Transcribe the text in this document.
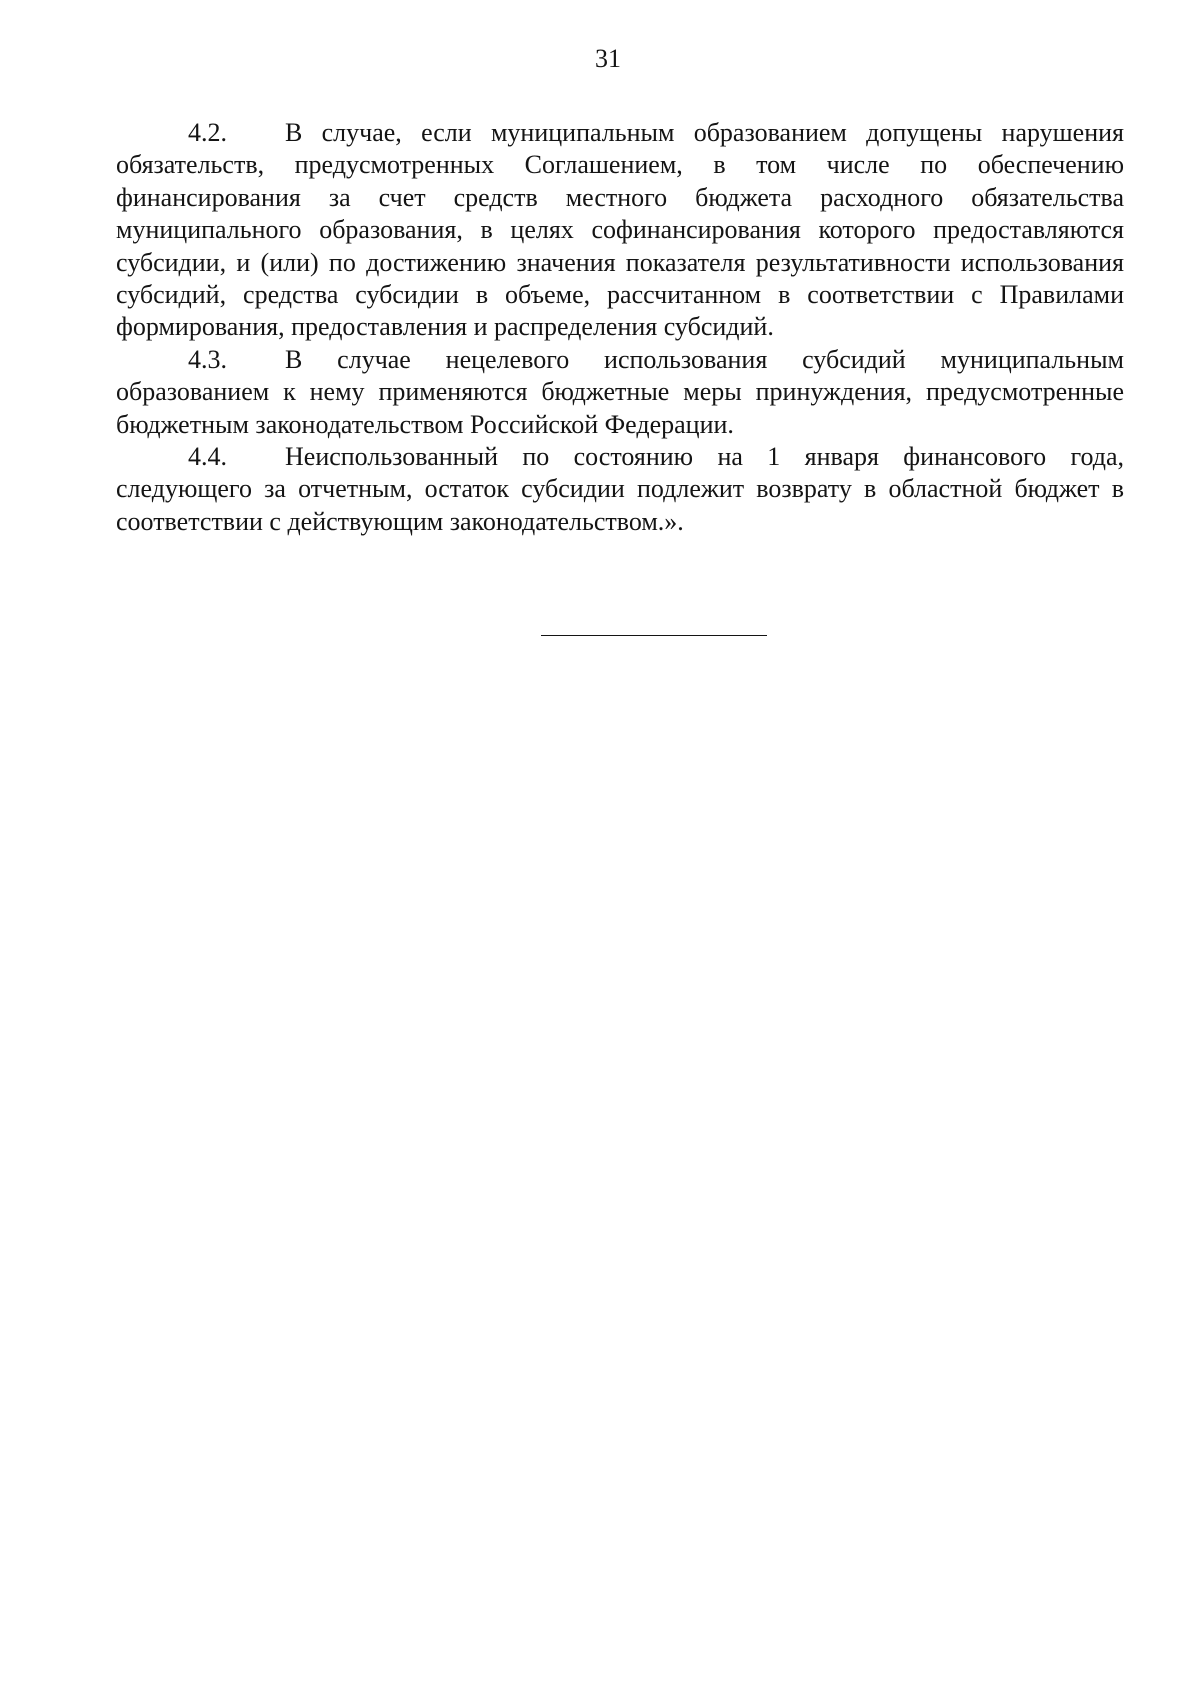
31

4.2. В случае, если муниципальным образованием допущены нарушения обязательств, предусмотренных Соглашением, в том числе по обеспечению финансирования за счет средств местного бюджета расходного обязательства муниципального образования, в целях софинансирования которого предоставляются субсидии, и (или) по достижению значения показателя результативности использования субсидий, средства субсидии в объеме, рассчитанном в соответствии с Правилами формирования, предоставления и распределения субсидий.

4.3. В случае нецелевого использования субсидий муниципальным образованием к нему применяются бюджетные меры принуждения, предусмотренные бюджетным законодательством Российской Федерации.

4.4. Неиспользованный по состоянию на 1 января финансового года, следующего за отчетным, остаток субсидии подлежит возврату в областной бюджет в соответствии с действующим законодательством.».
